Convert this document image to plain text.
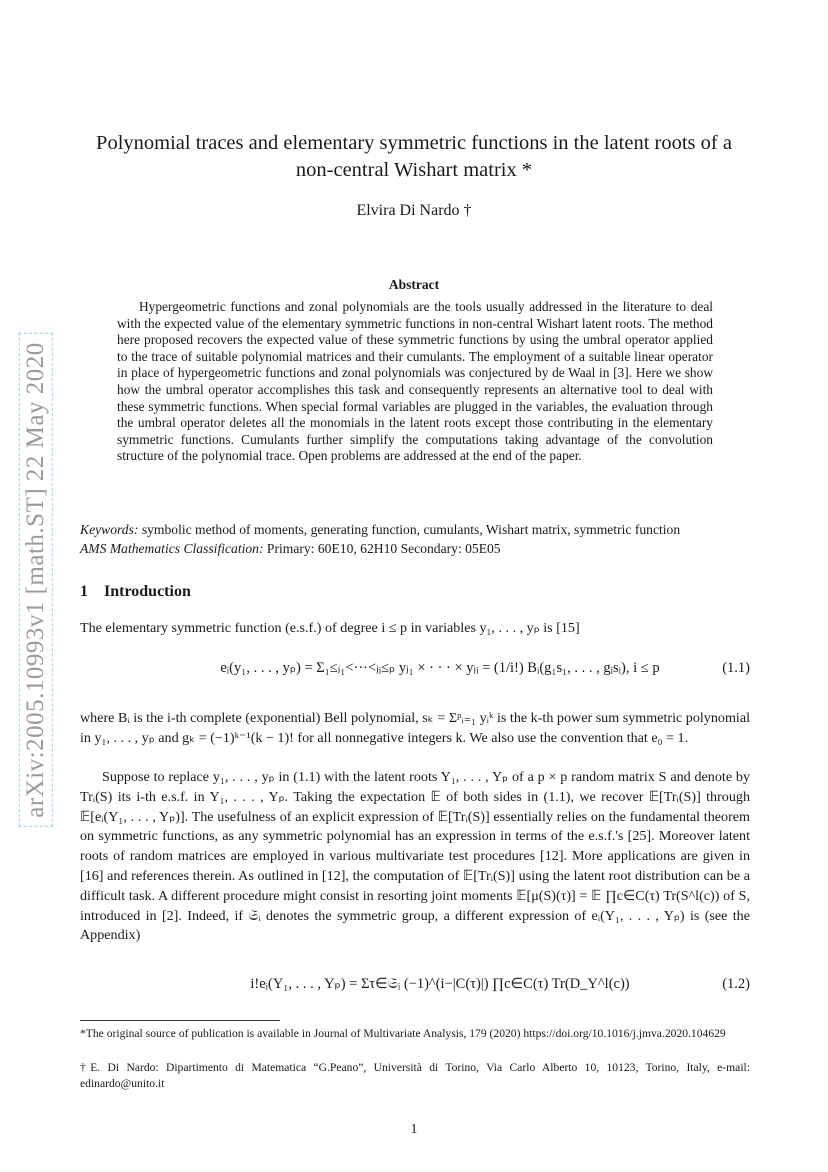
arXiv:2005.10993v1 [math.ST] 22 May 2020
Polynomial traces and elementary symmetric functions in the latent roots of a non-central Wishart matrix *
Elvira Di Nardo †
Abstract
Hypergeometric functions and zonal polynomials are the tools usually addressed in the literature to deal with the expected value of the elementary symmetric functions in non-central Wishart latent roots. The method here proposed recovers the expected value of these symmetric functions by using the umbral operator applied to the trace of suitable polynomial matrices and their cumulants. The employment of a suitable linear operator in place of hypergeometric functions and zonal polynomials was conjectured by de Waal in [3]. Here we show how the umbral operator accomplishes this task and consequently represents an alternative tool to deal with these symmetric functions. When special formal variables are plugged in the variables, the evaluation through the umbral operator deletes all the monomials in the latent roots except those contributing in the elementary symmetric functions. Cumulants further simplify the computations taking advantage of the convolution structure of the polynomial trace. Open problems are addressed at the end of the paper.
Keywords: symbolic method of moments, generating function, cumulants, Wishart matrix, symmetric function
AMS Mathematics Classification: Primary: 60E10, 62H10 Secondary: 05E05
1 Introduction
The elementary symmetric function (e.s.f.) of degree i ≤ p in variables y₁, . . . , yₚ is [15]
eᵢ(y₁, . . . , yₚ) = Σ₁≤ⱼ₁<···<ⱼᵢ≤ₚ yⱼ₁ × · · · × yⱼᵢ = (1/i!) Bᵢ(g₁s₁, . . . , gᵢsᵢ), i ≤ p	(1.1)
where Bᵢ is the i-th complete (exponential) Bell polynomial, sₖ = Σᵖᵢ₌₁ yᵢᵏ is the k-th power sum symmetric polynomial in y₁, . . . , yₚ and gₖ = (−1)ᵏ⁻¹(k − 1)! for all nonnegative integers k. We also use the convention that e₀ = 1.
Suppose to replace y₁, . . . , yₚ in (1.1) with the latent roots Y₁, . . . , Yₚ of a p × p random matrix S and denote by Trᵢ(S) its i-th e.s.f. in Y₁, . . . , Yₚ. Taking the expectation 𝔼 of both sides in (1.1), we recover 𝔼[Trᵢ(S)] through 𝔼[eᵢ(Y₁, . . . , Yₚ)]. The usefulness of an explicit expression of 𝔼[Trᵢ(S)] essentially relies on the fundamental theorem on symmetric functions, as any symmetric polynomial has an expression in terms of the e.s.f.'s [25]. Moreover latent roots of random matrices are employed in various multivariate test procedures [12]. More applications are given in [16] and references therein. As outlined in [12], the computation of 𝔼[Trᵢ(S)] using the latent root distribution can be a difficult task. A different procedure might consist in resorting joint moments 𝔼[μ(S)(τ)] = 𝔼 ∏c∈C(τ) Tr(S^l(c)) of S, introduced in [2]. Indeed, if 𝔖ᵢ denotes the symmetric group, a different expression of eᵢ(Y₁, . . . , Yₚ) is (see the Appendix)
i!eᵢ(Y₁, . . . , Yₚ) = Στ∈𝔖ᵢ (−1)^(i−|C(τ)|) ∏c∈C(τ) Tr(D_Y^l(c))	(1.2)
*The original source of publication is available in Journal of Multivariate Analysis, 179 (2020) https://doi.org/10.1016/j.jmva.2020.104629
†E. Di Nardo: Dipartimento di Matematica “G.Peano”, Università di Torino, Via Carlo Alberto 10, 10123, Torino, Italy, e-mail: edinardo@unito.it
1
